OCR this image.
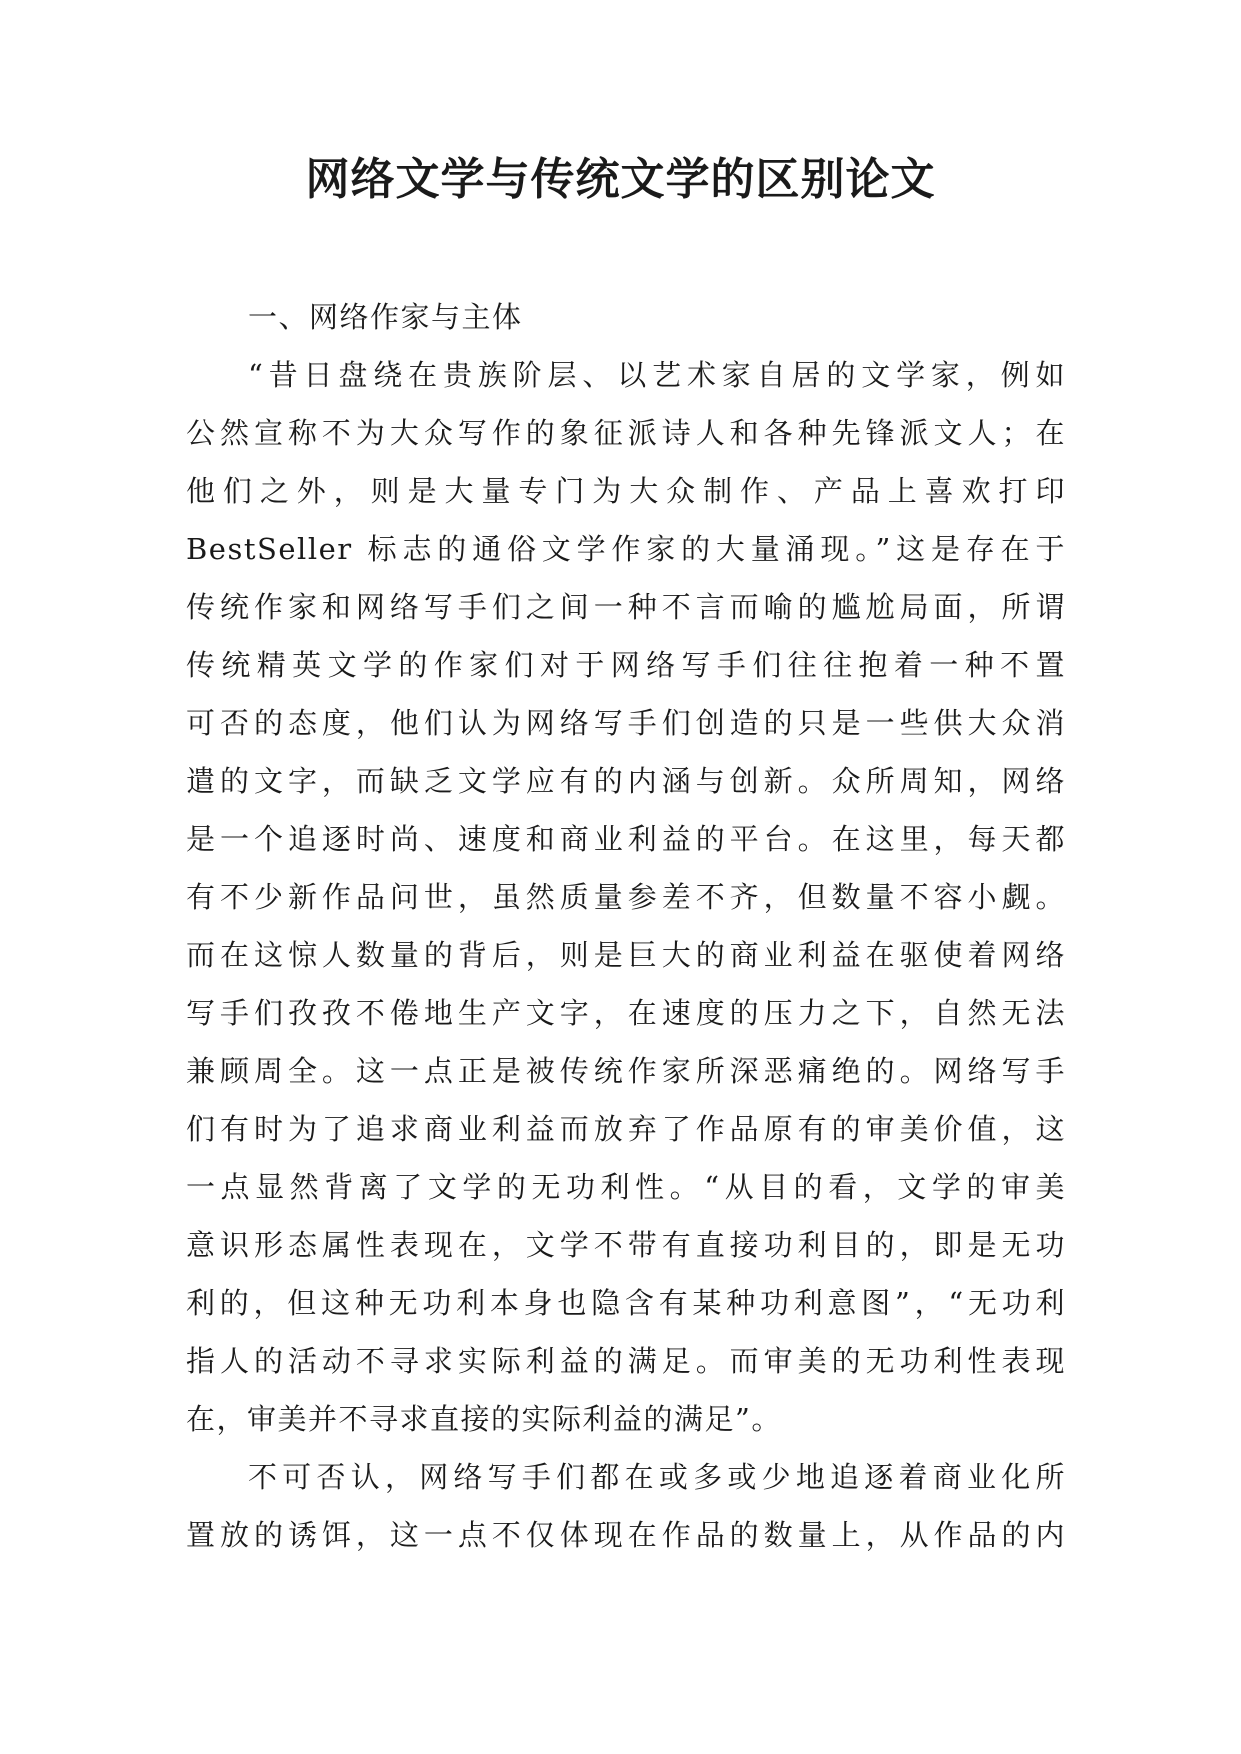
网络文学与传统文学的区别论文
一、网络作家与主体
“昔日盘绕在贵族阶层、以艺术家自居的文学家，例如
公然宣称不为大众写作的象征派诗人和各种先锋派文人；在
他们之外，则是大量专门为大众制作、产品上喜欢打印
BestSeller 标志的通俗文学作家的大量涌现。”这是存在于
传统作家和网络写手们之间一种不言而喻的尴尬局面，所谓
传统精英文学的作家们对于网络写手们往往抱着一种不置
可否的态度，他们认为网络写手们创造的只是一些供大众消
遣的文字，而缺乏文学应有的内涵与创新。众所周知，网络
是一个追逐时尚、速度和商业利益的平台。在这里，每天都
有不少新作品问世，虽然质量参差不齐，但数量不容小觑。
而在这惊人数量的背后，则是巨大的商业利益在驱使着网络
写手们孜孜不倦地生产文字，在速度的压力之下，自然无法
兼顾周全。这一点正是被传统作家所深恶痛绝的。网络写手
们有时为了追求商业利益而放弃了作品原有的审美价值，这
一点显然背离了文学的无功利性。“从目的看，文学的审美
意识形态属性表现在，文学不带有直接功利目的，即是无功
利的，但这种无功利本身也隐含有某种功利意图”，“无功利
指人的活动不寻求实际利益的满足。而审美的无功利性表现
在，审美并不寻求直接的实际利益的满足”。
不可否认，网络写手们都在或多或少地追逐着商业化所
置放的诱饵，这一点不仅体现在作品的数量上，从作品的内
